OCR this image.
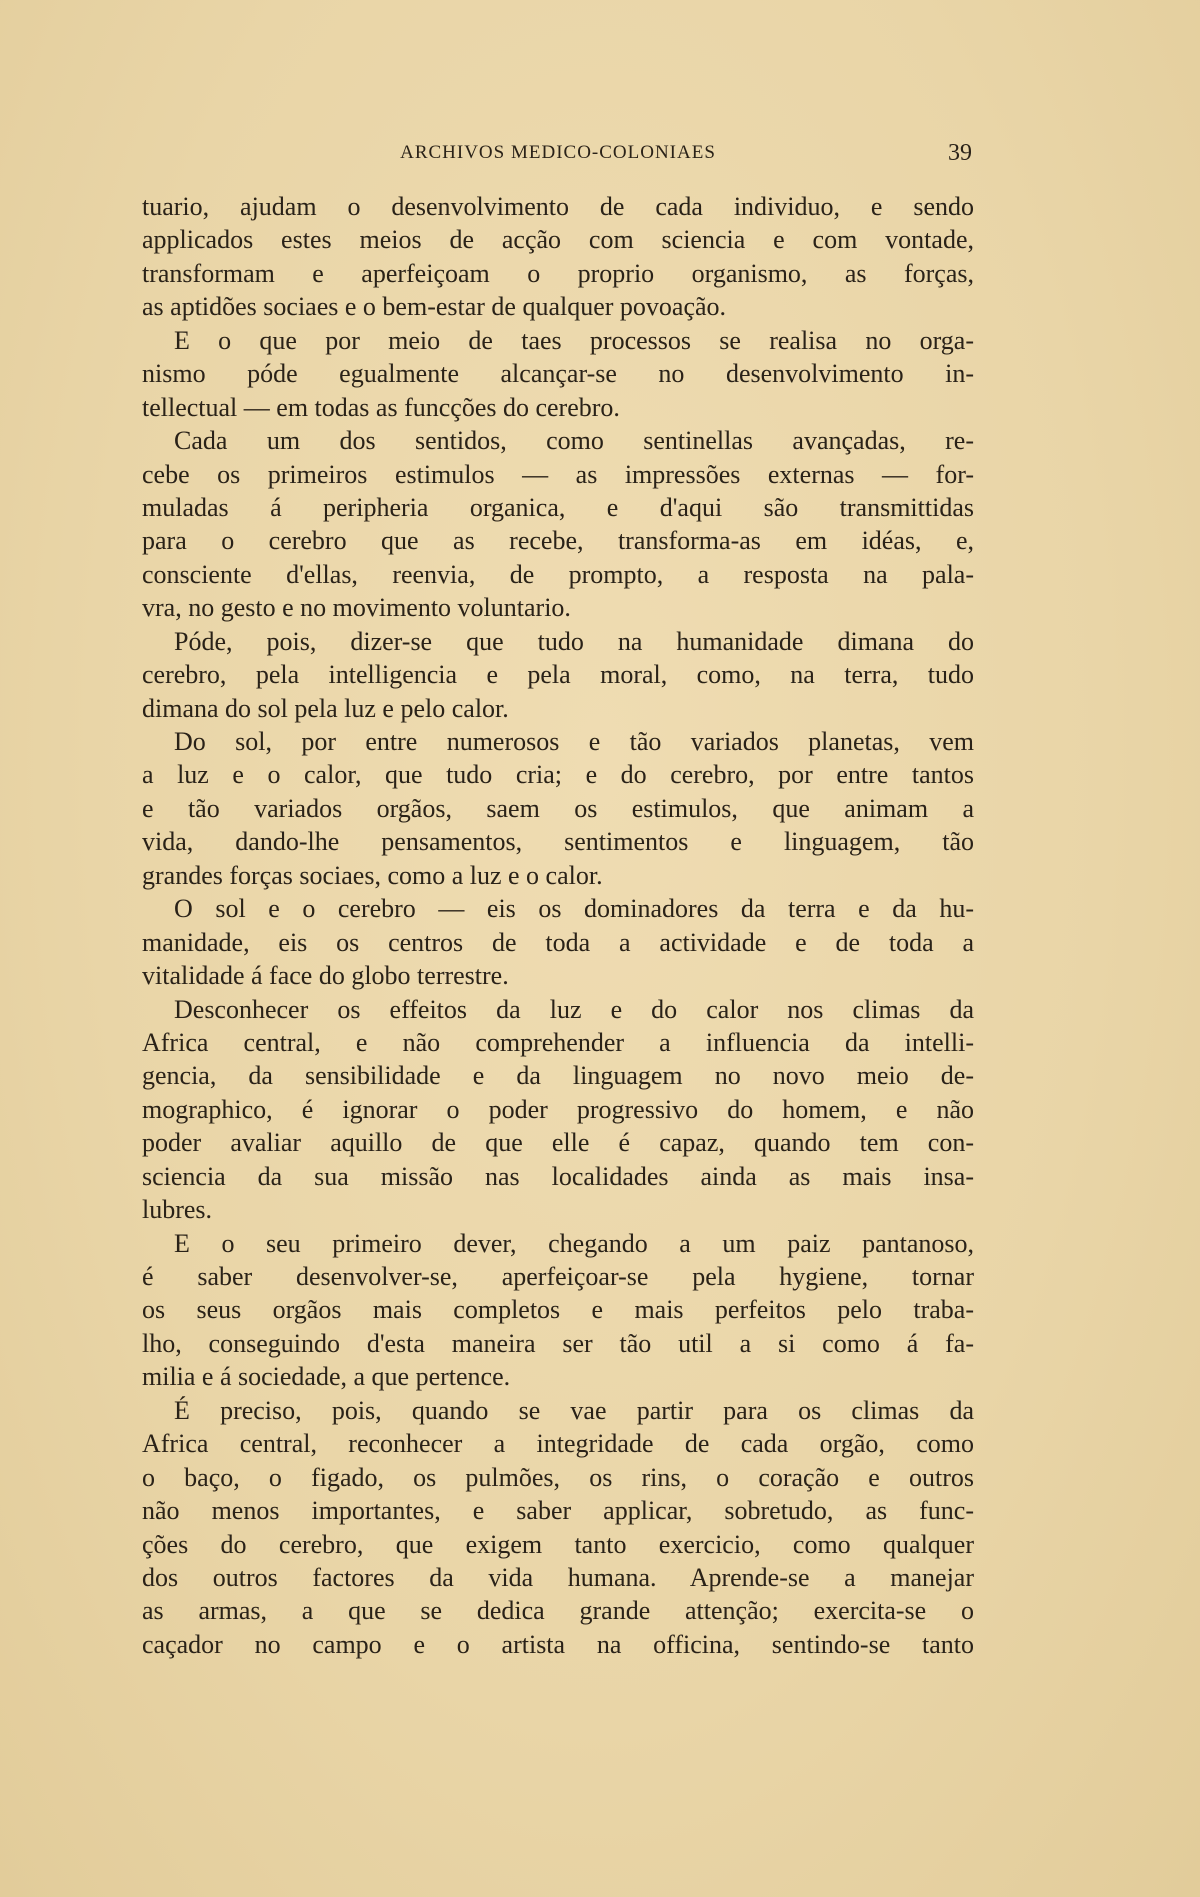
ARCHIVOS MEDICO-COLONIAES	39
tuario, ajudam o desenvolvimento de cada individuo, e sendo
applicados estes meios de acção com sciencia e com vontade,
transformam e aperfeiçoam o proprio organismo, as forças,
as aptidões sociaes e o bem-estar de qualquer povoação.
E o que por meio de taes processos se realisa no orga-
nismo póde egualmente alcançar-se no desenvolvimento in-
tellectual — em todas as funcções do cerebro.
Cada um dos sentidos, como sentinellas avançadas, re-
cebe os primeiros estimulos — as impressões externas — for-
muladas á peripheria organica, e d'aqui são transmittidas
para o cerebro que as recebe, transforma-as em idéas, e,
consciente d'ellas, reenvia, de prompto, a resposta na pala-
vra, no gesto e no movimento voluntario.
Póde, pois, dizer-se que tudo na humanidade dimana do
cerebro, pela intelligencia e pela moral, como, na terra, tudo
dimana do sol pela luz e pelo calor.
Do sol, por entre numerosos e tão variados planetas, vem
a luz e o calor, que tudo cria; e do cerebro, por entre tantos
e tão variados orgãos, saem os estimulos, que animam a
vida, dando-lhe pensamentos, sentimentos e linguagem, tão
grandes forças sociaes, como a luz e o calor.
O sol e o cerebro — eis os dominadores da terra e da hu-
manidade, eis os centros de toda a actividade e de toda a
vitalidade á face do globo terrestre.
Desconhecer os effeitos da luz e do calor nos climas da
Africa central, e não comprehender a influencia da intelli-
gencia, da sensibilidade e da linguagem no novo meio de-
mographico, é ignorar o poder progressivo do homem, e não
poder avaliar aquillo de que elle é capaz, quando tem con-
sciencia da sua missão nas localidades ainda as mais insa-
lubres.
E o seu primeiro dever, chegando a um paiz pantanoso,
é saber desenvolver-se, aperfeiçoar-se pela hygiene, tornar
os seus orgãos mais completos e mais perfeitos pelo traba-
lho, conseguindo d'esta maneira ser tão util a si como á fa-
milia e á sociedade, a que pertence.
É preciso, pois, quando se vae partir para os climas da
Africa central, reconhecer a integridade de cada orgão, como
o baço, o figado, os pulmões, os rins, o coração e outros
não menos importantes, e saber applicar, sobretudo, as func-
ções do cerebro, que exigem tanto exercicio, como qualquer
dos outros factores da vida humana. Aprende-se a manejar
as armas, a que se dedica grande attenção; exercita-se o
caçador no campo e o artista na officina, sentindo-se tanto
